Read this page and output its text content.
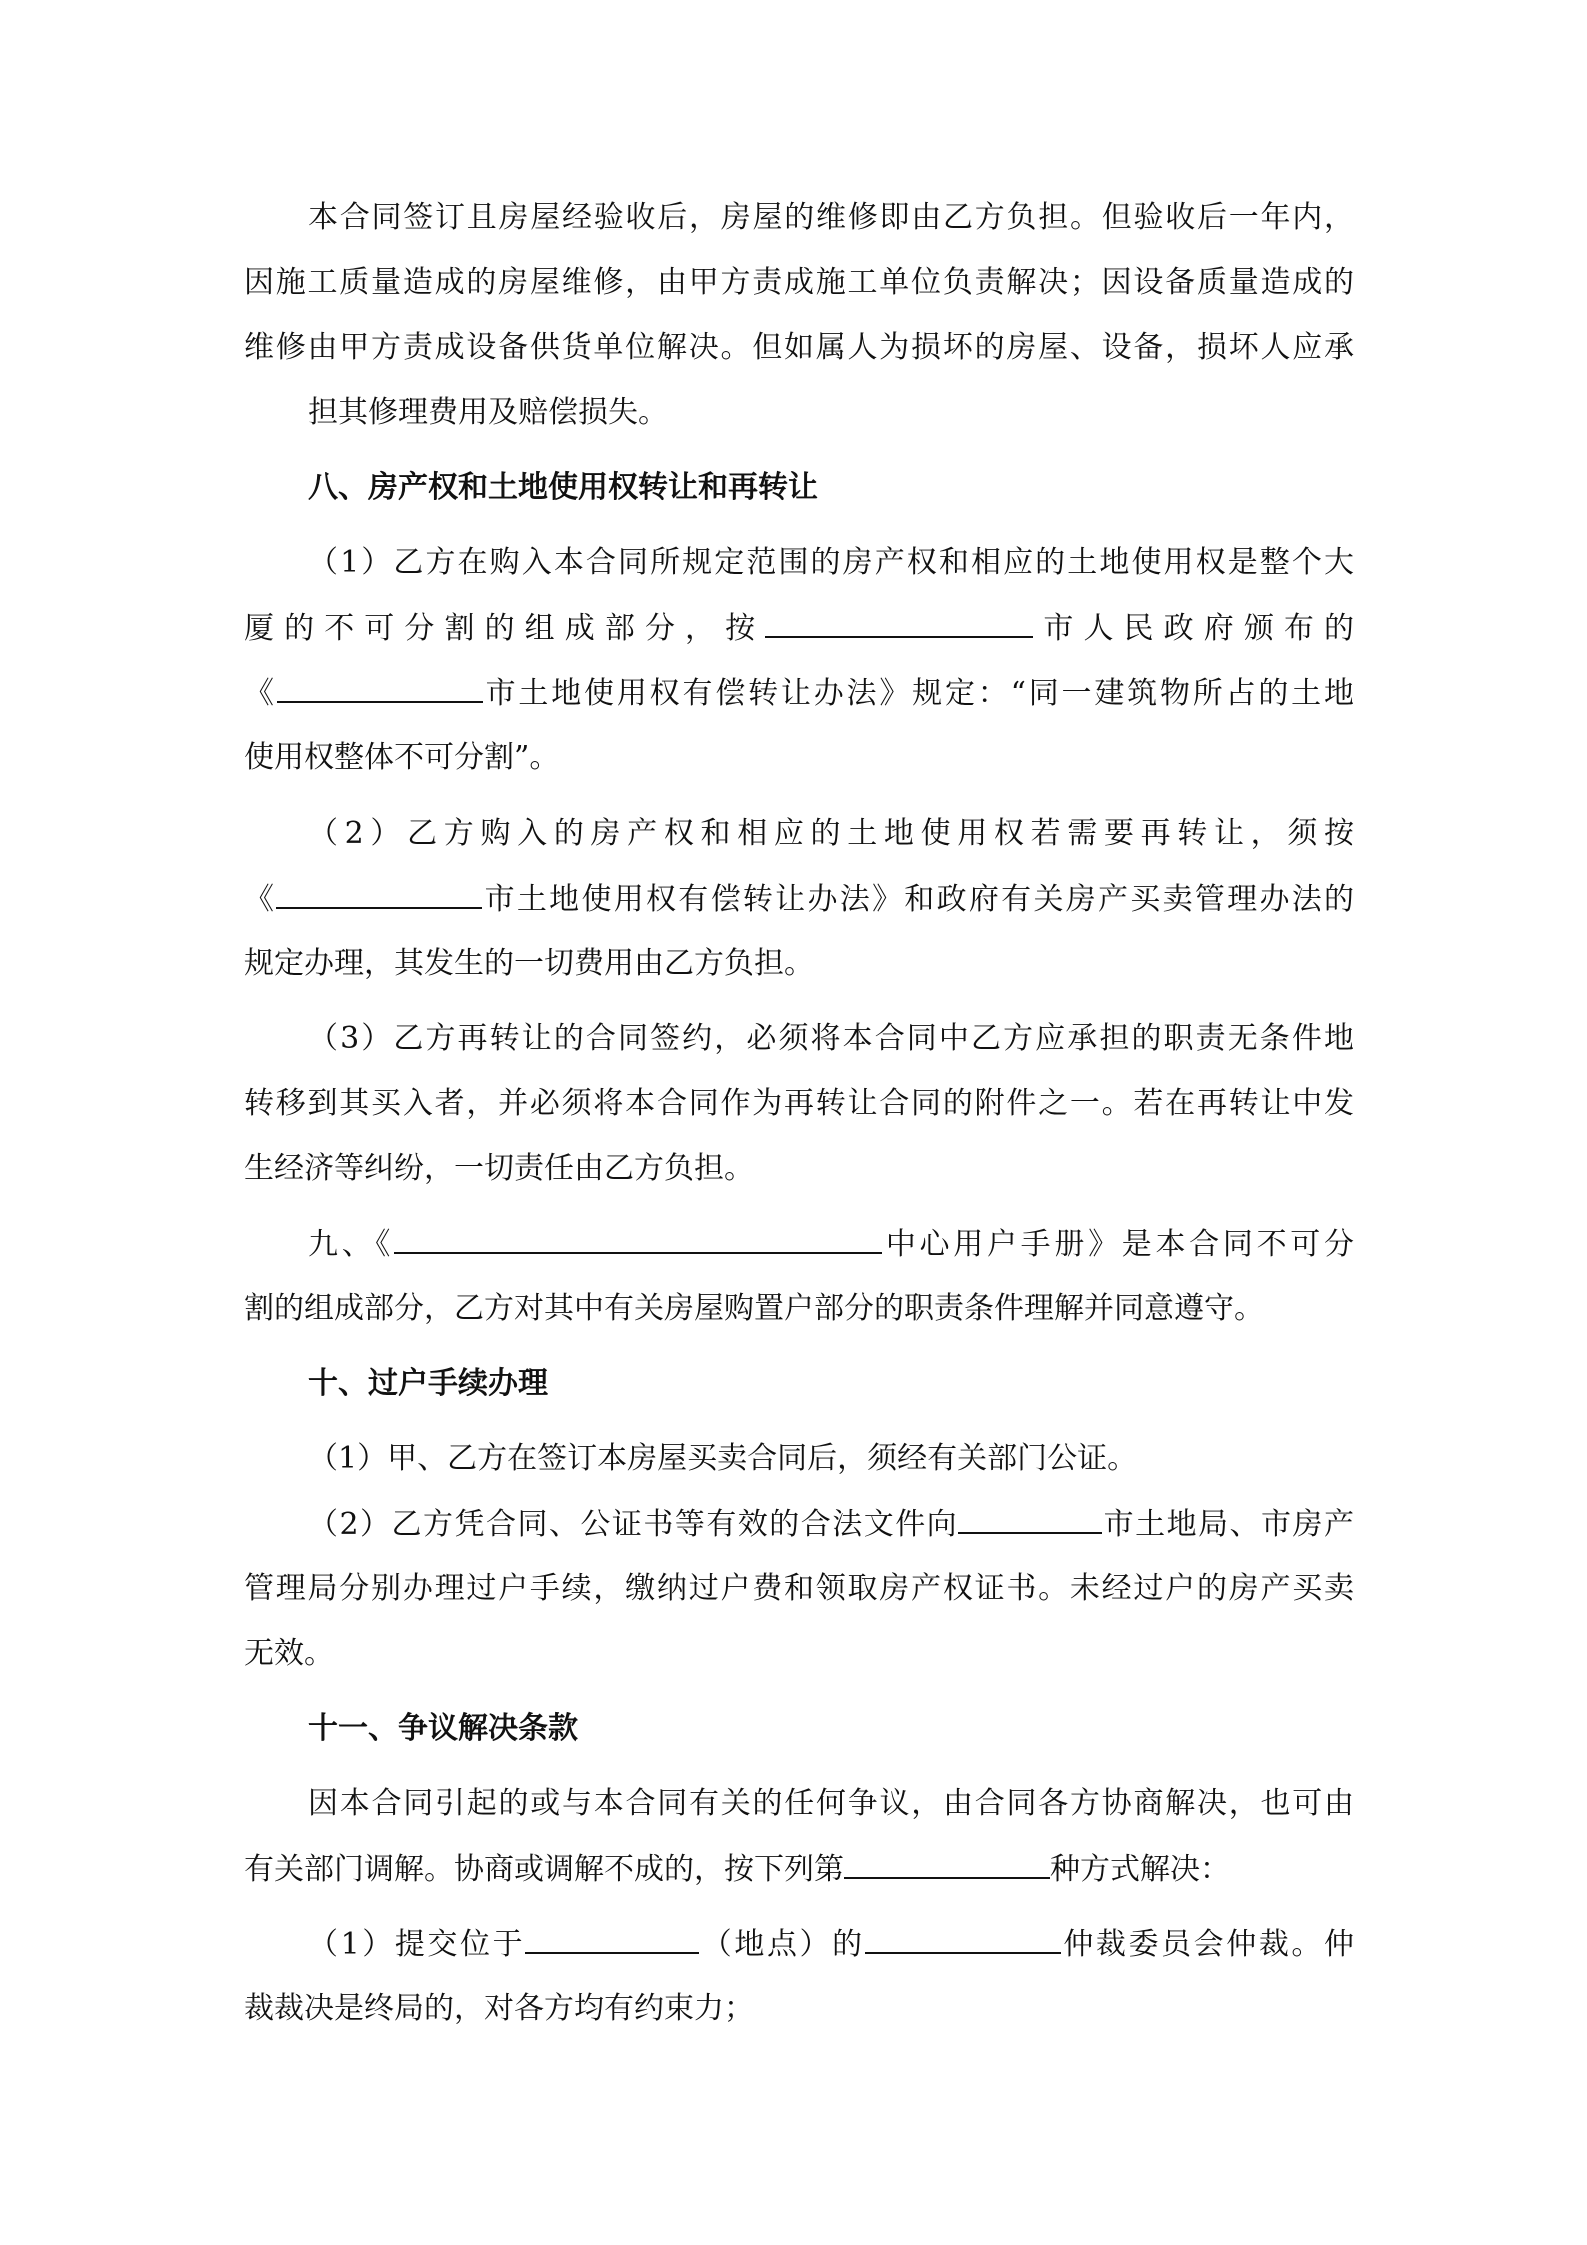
本合同签订且房屋经验收后，房屋的维修即由乙方负担。但验收后一年内，
因施工质量造成的房屋维修，由甲方责成施工单位负责解决；因设备质量造成的
维修由甲方责成设备供货单位解决。但如属人为损坏的房屋、设备，损坏人应承
担其修理费用及赔偿损失。
八、房产权和土地使用权转让和再转让
（1）乙方在购入本合同所规定范围的房产权和相应的土地使用权是整个大
厦的不可分割的组成部分，按	市人民政府颁布的
《	市土地使用权有偿转让办法》规定：“同一建筑物所占的土地
使用权整体不可分割”。
（2）乙方购入的房产权和相应的土地使用权若需要再转让，须按
《	市土地使用权有偿转让办法》和政府有关房产买卖管理办法的
规定办理，其发生的一切费用由乙方负担。
（3）乙方再转让的合同签约，必须将本合同中乙方应承担的职责无条件地
转移到其买入者，并必须将本合同作为再转让合同的附件之一。若在再转让中发
生经济等纠纷，一切责任由乙方负担。
九、《	中心用户手册》是本合同不可分
割的组成部分，乙方对其中有关房屋购置户部分的职责条件理解并同意遵守。
十、过户手续办理
（1）甲、乙方在签订本房屋买卖合同后，须经有关部门公证。
（2）乙方凭合同、公证书等有效的合法文件向	市土地局、市房产
管理局分别办理过户手续，缴纳过户费和领取房产权证书。未经过户的房产买卖
无效。
十一、争议解决条款
因本合同引起的或与本合同有关的任何争议，由合同各方协商解决，也可由
有关部门调解。协商或调解不成的，按下列第	种方式解决：
（1）提交位于	（地点）的	仲裁委员会仲裁。仲
裁裁决是终局的，对各方均有约束力；
